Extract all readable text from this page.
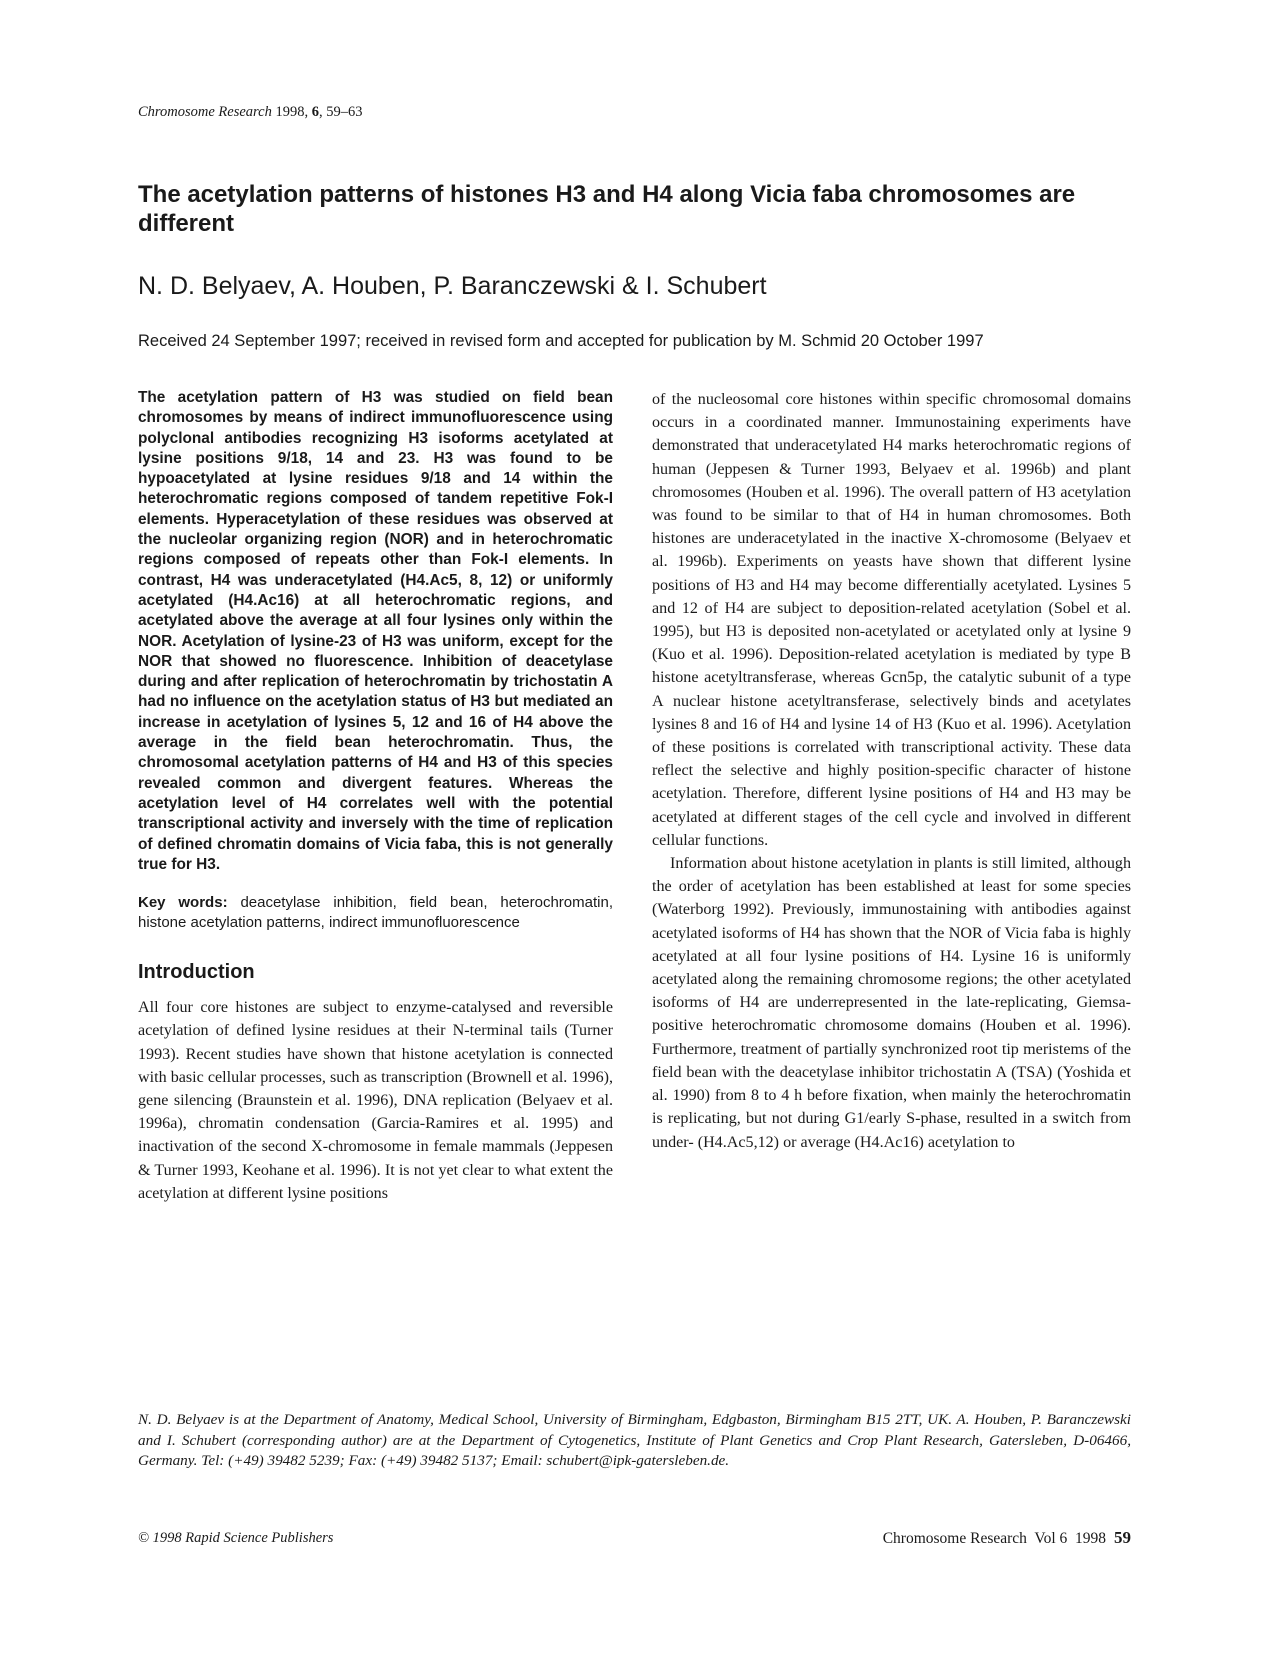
Chromosome Research 1998, 6, 59–63
The acetylation patterns of histones H3 and H4 along Vicia faba chromosomes are different
N. D. Belyaev, A. Houben, P. Baranczewski & I. Schubert
Received 24 September 1997; received in revised form and accepted for publication by M. Schmid 20 October 1997

The acetylation pattern of H3 was studied on field bean chromosomes by means of indirect immunofluorescence using polyclonal antibodies recognizing H3 isoforms acetylated at lysine positions 9/18, 14 and 23. H3 was found to be hypoacetylated at lysine residues 9/18 and 14 within the heterochromatic regions composed of tandem repetitive Fok-I elements. Hyperacetylation of these residues was observed at the nucleolar organizing region (NOR) and in heterochromatic regions composed of repeats other than Fok-I elements. In contrast, H4 was underacetylated (H4.Ac5, 8, 12) or uniformly acetylated (H4.Ac16) at all heterochromatic regions, and acetylated above the average at all four lysines only within the NOR. Acetylation of lysine-23 of H3 was uniform, except for the NOR that showed no fluorescence. Inhibition of deacetylase during and after replication of heterochromatin by trichostatin A had no influence on the acetylation status of H3 but mediated an increase in acetylation of lysines 5, 12 and 16 of H4 above the average in the field bean heterochromatin. Thus, the chromosomal acetylation patterns of H4 and H3 of this species revealed common and divergent features. Whereas the acetylation level of H4 correlates well with the potential transcriptional activity and inversely with the time of replication of defined chromatin domains of Vicia faba, this is not generally true for H3.

Key words: deacetylase inhibition, field bean, heterochromatin, histone acetylation patterns, indirect immunofluorescence

Introduction

All four core histones are subject to enzyme-catalysed and reversible acetylation of defined lysine residues at their N-terminal tails (Turner 1993). Recent studies have shown that histone acetylation is connected with basic cellular processes, such as transcription (Brownell et al. 1996), gene silencing (Braunstein et al. 1996), DNA replication (Belyaev et al. 1996a), chromatin condensation (Garcia-Ramires et al. 1995) and inactivation of the second X-chromosome in female mammals (Jeppesen & Turner 1993, Keohane et al. 1996). It is not yet clear to what extent the acetylation at different lysine positions

of the nucleosomal core histones within specific chromosomal domains occurs in a coordinated manner. Immunostaining experiments have demonstrated that underacetylated H4 marks heterochromatic regions of human (Jeppesen & Turner 1993, Belyaev et al. 1996b) and plant chromosomes (Houben et al. 1996). The overall pattern of H3 acetylation was found to be similar to that of H4 in human chromosomes. Both histones are underacetylated in the inactive X-chromosome (Belyaev et al. 1996b). Experiments on yeasts have shown that different lysine positions of H3 and H4 may become differentially acetylated. Lysines 5 and 12 of H4 are subject to deposition-related acetylation (Sobel et al. 1995), but H3 is deposited non-acetylated or acetylated only at lysine 9 (Kuo et al. 1996). Deposition-related acetylation is mediated by type B histone acetyltransferase, whereas Gcn5p, the catalytic subunit of a type A nuclear histone acetyltransferase, selectively binds and acetylates lysines 8 and 16 of H4 and lysine 14 of H3 (Kuo et al. 1996). Acetylation of these positions is correlated with transcriptional activity. These data reflect the selective and highly position-specific character of histone acetylation. Therefore, different lysine positions of H4 and H3 may be acetylated at different stages of the cell cycle and involved in different cellular functions.

Information about histone acetylation in plants is still limited, although the order of acetylation has been established at least for some species (Waterborg 1992). Previously, immunostaining with antibodies against acetylated isoforms of H4 has shown that the NOR of Vicia faba is highly acetylated at all four lysine positions of H4. Lysine 16 is uniformly acetylated along the remaining chromosome regions; the other acetylated isoforms of H4 are underrepresented in the late-replicating, Giemsa-positive heterochromatic chromosome domains (Houben et al. 1996). Furthermore, treatment of partially synchronized root tip meristems of the field bean with the deacetylase inhibitor trichostatin A (TSA) (Yoshida et al. 1990) from 8 to 4 h before fixation, when mainly the heterochromatin is replicating, but not during G1/early S-phase, resulted in a switch from under- (H4.Ac5,12) or average (H4.Ac16) acetylation to

N. D. Belyaev is at the Department of Anatomy, Medical School, University of Birmingham, Edgbaston, Birmingham B15 2TT, UK. A. Houben, P. Baranczewski and I. Schubert (corresponding author) are at the Department of Cytogenetics, Institute of Plant Genetics and Crop Plant Research, Gatersleben, D-06466, Germany. Tel: (+49) 39482 5239; Fax: (+49) 39482 5137; Email: schubert@ipk-gatersleben.de.

© 1998 Rapid Science Publishers	Chromosome Research  Vol 6  1998 59
